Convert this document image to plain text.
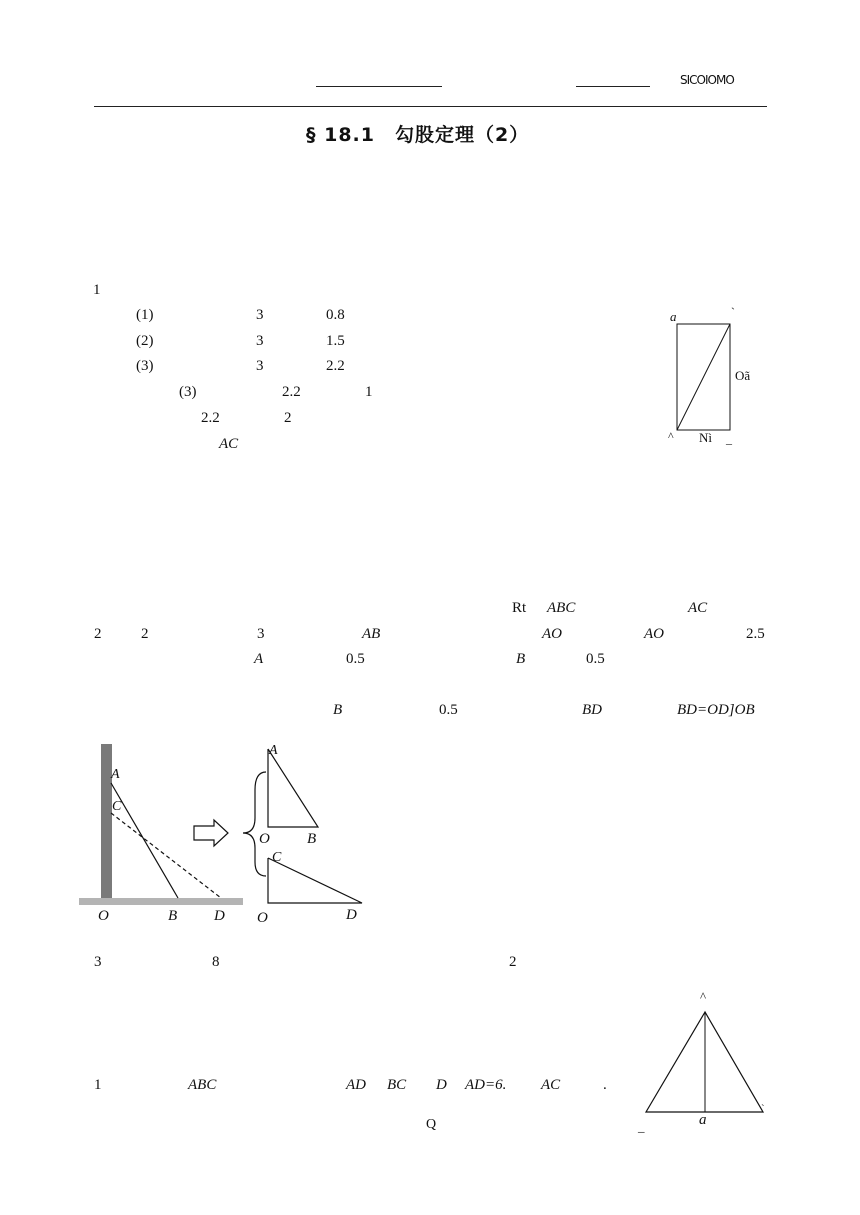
SICOIOMO
§ 18.1　勾股定理（2）
1
(1)	3	0.8
(2)	3	1.5
(3)	3	2.2
(3)	2.2	1
2.2	2
AC
a	`
Oã
^ Nì _
Rt ABC	AC
2	2	3	AB	AO	AO	2.5
A	0.5	B	0.5
B	0.5	BD	BD=OD]OB
A
C
O	B D
A
O B
C
O	D
3	8	2
1	ABC	AD BC D AD=6. AC	.
Q
^
_	a
`
